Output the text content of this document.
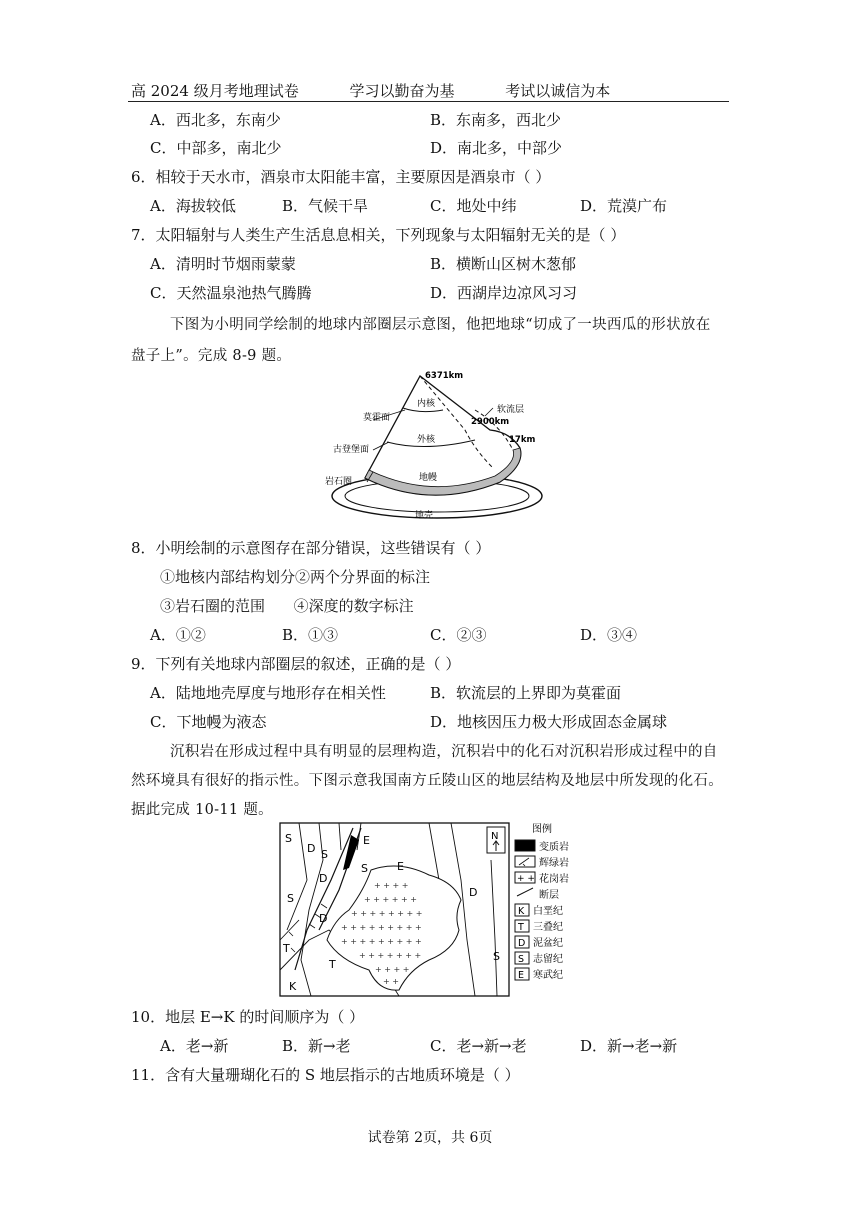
高 2024 级月考地理试卷	学习以勤奋为基	考试以诚信为本
A．西北多，东南少	B．东南多，西北少
C．中部多，南北少	D．南北多，中部少
6．相较于天水市，酒泉市太阳能丰富，主要原因是酒泉市（ ）
A．海拔较低	B．气候干旱	C．地处中纬	D．荒漠广布
7．太阳辐射与人类生产生活息息相关，下列现象与太阳辐射无关的是（ ）
A．清明时节烟雨蒙蒙	B．横断山区树木葱郁
C．天然温泉池热气腾腾	D．西湖岸边凉风习习
下图为小明同学绘制的地球内部圈层示意图，他把地球“切成了一块西瓜的形状放在
盘子上”。完成 8-9 题。
6371km
内核
莫霍面
软流层
2900km
外核	17km
古登堡面
地幔
岩石圈
地壳
8．小明绘制的示意图存在部分错误，这些错误有（ ）
①地核内部结构划分②两个分界面的标注
③岩石圈的范围      ④深度的数字标注
A．①②	B．①③	C．②③	D．③④
9．下列有关地球内部圈层的叙述，正确的是（ ）
A．陆地地壳厚度与地形存在相关性	B．软流层的上界即为莫霍面
C．下地幔为液态	D．地核因压力极大形成固态金属球
沉积岩在形成过程中具有明显的层理构造，沉积岩中的化石对沉积岩形成过程中的自
然环境具有很好的指示性。下图示意我国南方丘陵山区的地层结构及地层中所发现的化石。
据此完成 10-11 题。
+ + + +
+ + + + + +
+ + + + + + + +
+ + + + + + + + +
+ + + + + + + + +
+ + + + + + +
+ + + +
+ +
S
D S
E
S	E
D
S
D
D
T
T
S
K
N
图例
变质岩
辉绿岩
+ + 花岗岩
断层
K 白垩纪
T 三叠纪
D 泥盆纪
S 志留纪
E 寒武纪
10．地层 E→K 的时间顺序为（ ）
A．老→新	B．新→老	C．老→新→老	D．新→老→新
11．含有大量珊瑚化石的 S 地层指示的古地质环境是（ ）
试卷第 2页，共 6页
